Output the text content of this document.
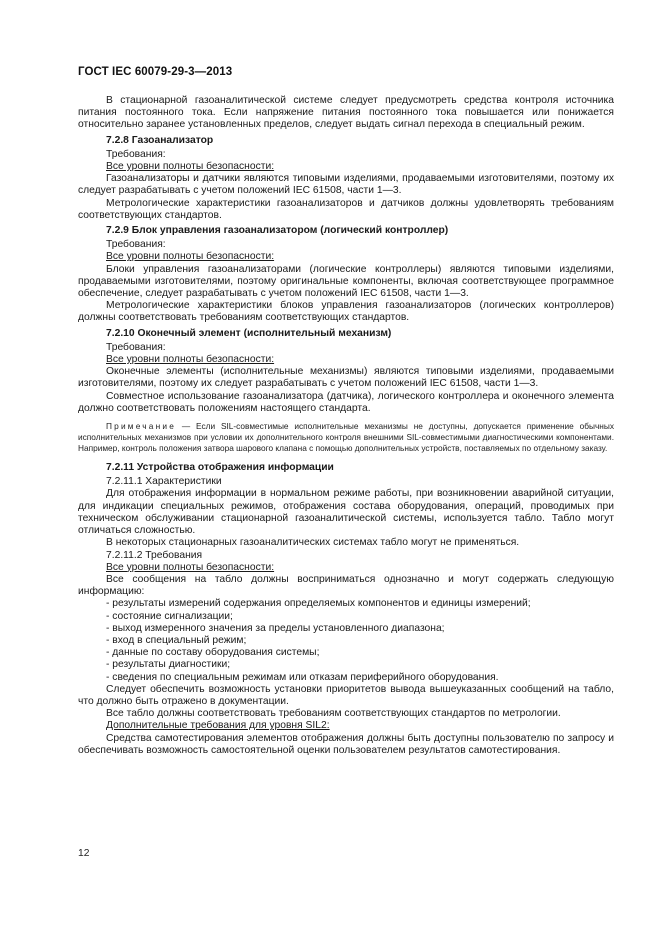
ГОСТ IEC 60079-29-3—2013

В стационарной газоаналитической системе следует предусмотреть средства контроля источника питания постоянного тока. Если напряжение питания постоянного тока повышается или понижается относительно заранее установленных пределов, следует выдать сигнал перехода в специальный режим.

7.2.8 Газоанализатор

Требования:

Все уровни полноты безопасности:

Газоанализаторы и датчики являются типовыми изделиями, продаваемыми изготовителями, поэтому их следует разрабатывать с учетом положений IEC 61508, части 1—3.

Метрологические характеристики газоанализаторов и датчиков должны удовлетворять требованиям соответствующих стандартов.

7.2.9 Блок управления газоанализатором (логический контроллер)

Требования:

Все уровни полноты безопасности:

Блоки управления газоанализаторами (логические контроллеры) являются типовыми изделиями, продаваемыми изготовителями, поэтому оригинальные компоненты, включая соответствующее программное обеспечение, следует разрабатывать с учетом положений IEC 61508, части 1—3.

Метрологические характеристики блоков управления газоанализаторов (логических контроллеров) должны соответствовать требованиям соответствующих стандартов.

7.2.10 Оконечный элемент (исполнительный механизм)

Требования:

Все уровни полноты безопасности:

Оконечные элементы (исполнительные механизмы) являются типовыми изделиями, продаваемыми изготовителями, поэтому их следует разрабатывать с учетом положений IEC 61508, части 1—3.

Совместное использование газоанализатора (датчика), логического контроллера и оконечного элемента должно соответствовать положениям настоящего стандарта.

Примечание — Если SIL-совместимые исполнительные механизмы не доступны, допускается применение обычных исполнительных механизмов при условии их дополнительного контроля внешними SIL-совместимыми диагностическими компонентами. Например, контроль положения затвора шарового клапана с помощью дополнительных устройств, поставляемых по отдельному заказу.

7.2.11 Устройства отображения информации

7.2.11.1 Характеристики

Для отображения информации в нормальном режиме работы, при возникновении аварийной ситуации, для индикации специальных режимов, отображения состава оборудования, операций, проводимых при техническом обслуживании стационарной газоаналитической системы, используется табло. Табло могут отличаться сложностью.

В некоторых стационарных газоаналитических системах табло могут не применяться.

7.2.11.2 Требования

Все уровни полноты безопасности:

Все сообщения на табло должны восприниматься однозначно и могут содержать следующую информацию:

- результаты измерений содержания определяемых компонентов и единицы измерений;
- состояние сигнализации;
- выход измеренного значения за пределы установленного диапазона;
- вход в специальный режим;
- данные по составу оборудования системы;
- результаты диагностики;
- сведения по специальным режимам или отказам периферийного оборудования.

Следует обеспечить возможность установки приоритетов вывода вышеуказанных сообщений на табло, что должно быть отражено в документации.

Все табло должны соответствовать требованиям соответствующих стандартов по метрологии.

Дополнительные требования для уровня SIL2:

Средства самотестирования элементов отображения должны быть доступны пользователю по запросу и обеспечивать возможность самостоятельной оценки пользователем результатов самотестирования.

12
